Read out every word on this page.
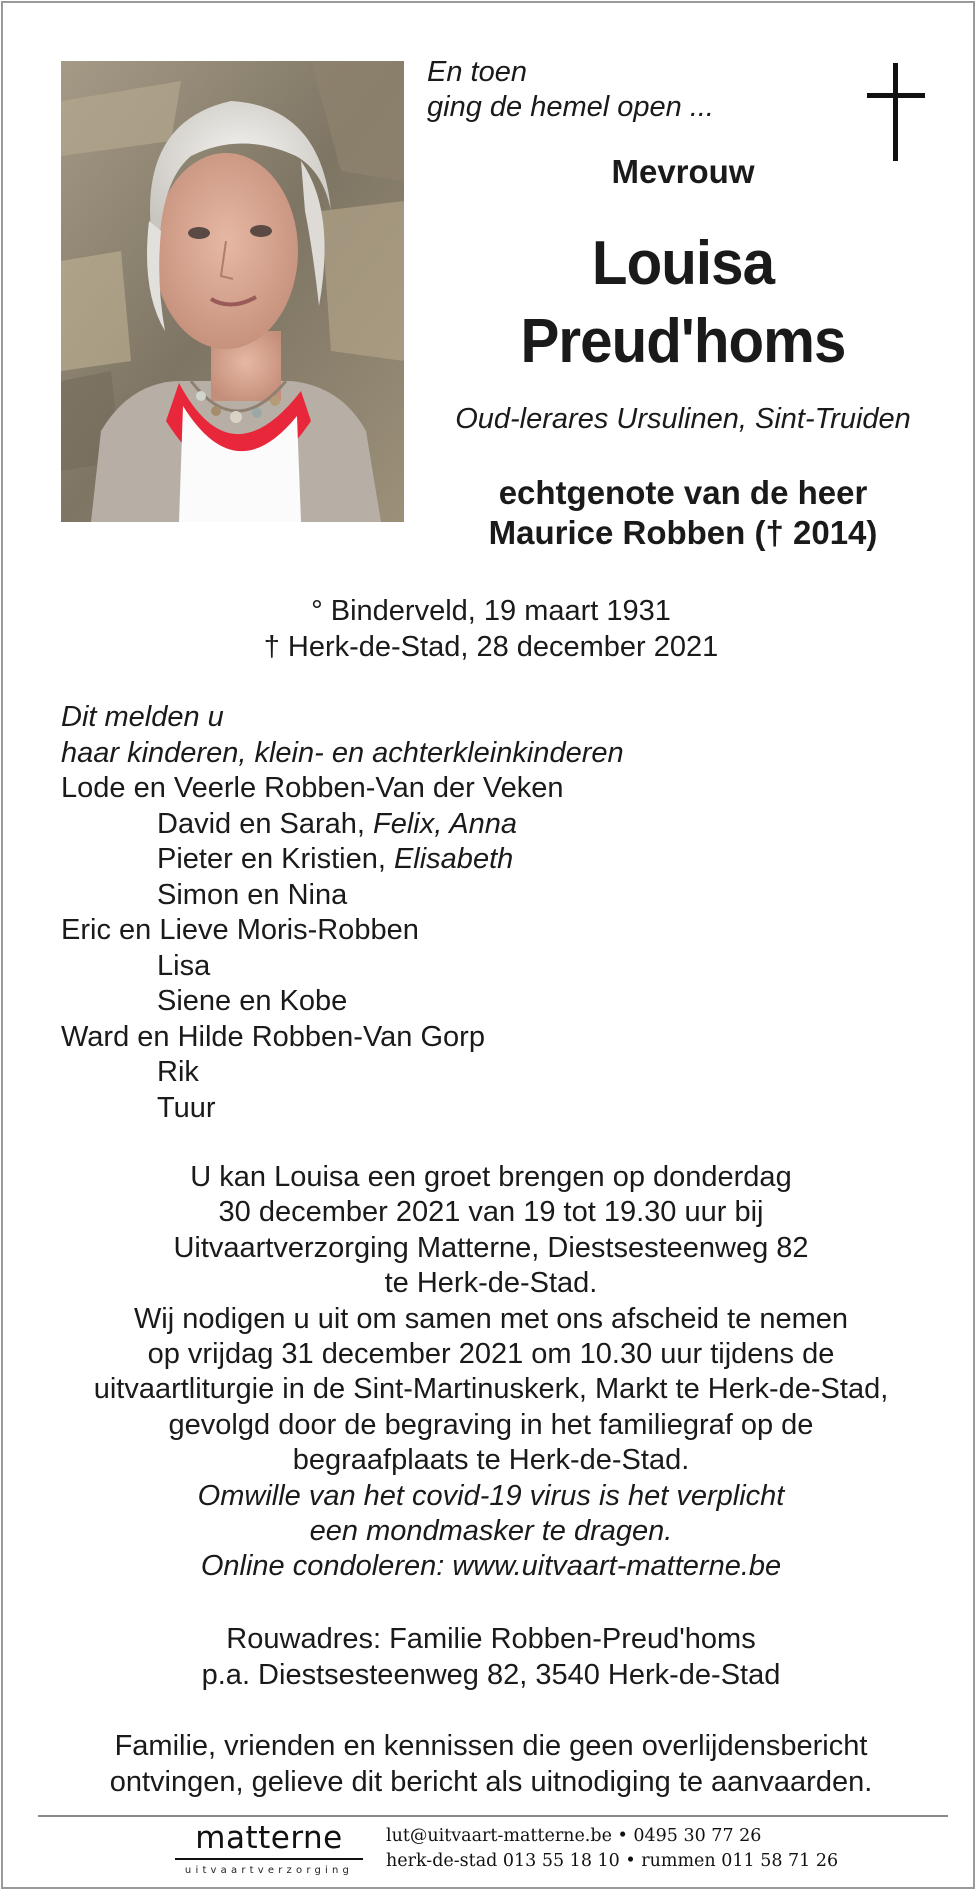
En toen
ging de hemel open ...
Mevrouw
Louisa
Preud'homs
Oud-lerares Ursulinen, Sint-Truiden
echtgenote van de heer
Maurice Robben († 2014)
° Binderveld, 19 maart 1931
† Herk-de-Stad, 28 december 2021
Dit melden u
haar kinderen, klein- en achterkleinkinderen
Lode en Veerle Robben-Van der Veken
David en Sarah, Felix, Anna
Pieter en Kristien, Elisabeth
Simon en Nina
Eric en Lieve Moris-Robben
Lisa
Siene en Kobe
Ward en Hilde Robben-Van Gorp
Rik
Tuur
U kan Louisa een groet brengen op donderdag
30 december 2021 van 19 tot 19.30 uur bij
Uitvaartverzorging Matterne, Diestsesteenweg 82
te Herk-de-Stad.
Wij nodigen u uit om samen met ons afscheid te nemen
op vrijdag 31 december 2021 om 10.30 uur tijdens de
uitvaartliturgie in de Sint-Martinuskerk, Markt te Herk-de-Stad,
gevolgd door de begraving in het familiegraf op de
begraafplaats te Herk-de-Stad.
Omwille van het covid-19 virus is het verplicht
een mondmasker te dragen.
Online condoleren: www.uitvaart-matterne.be
Rouwadres: Familie Robben-Preud'homs
p.a. Diestsesteenweg 82, 3540 Herk-de-Stad
Familie, vrienden en kennissen die geen overlijdensbericht
ontvingen, gelieve dit bericht als uitnodiging te aanvaarden.
matterne
uitvaartverzorging
lut@uitvaart-matterne.be • 0495 30 77 26
herk-de-stad 013 55 18 10 • rummen 011 58 71 26
